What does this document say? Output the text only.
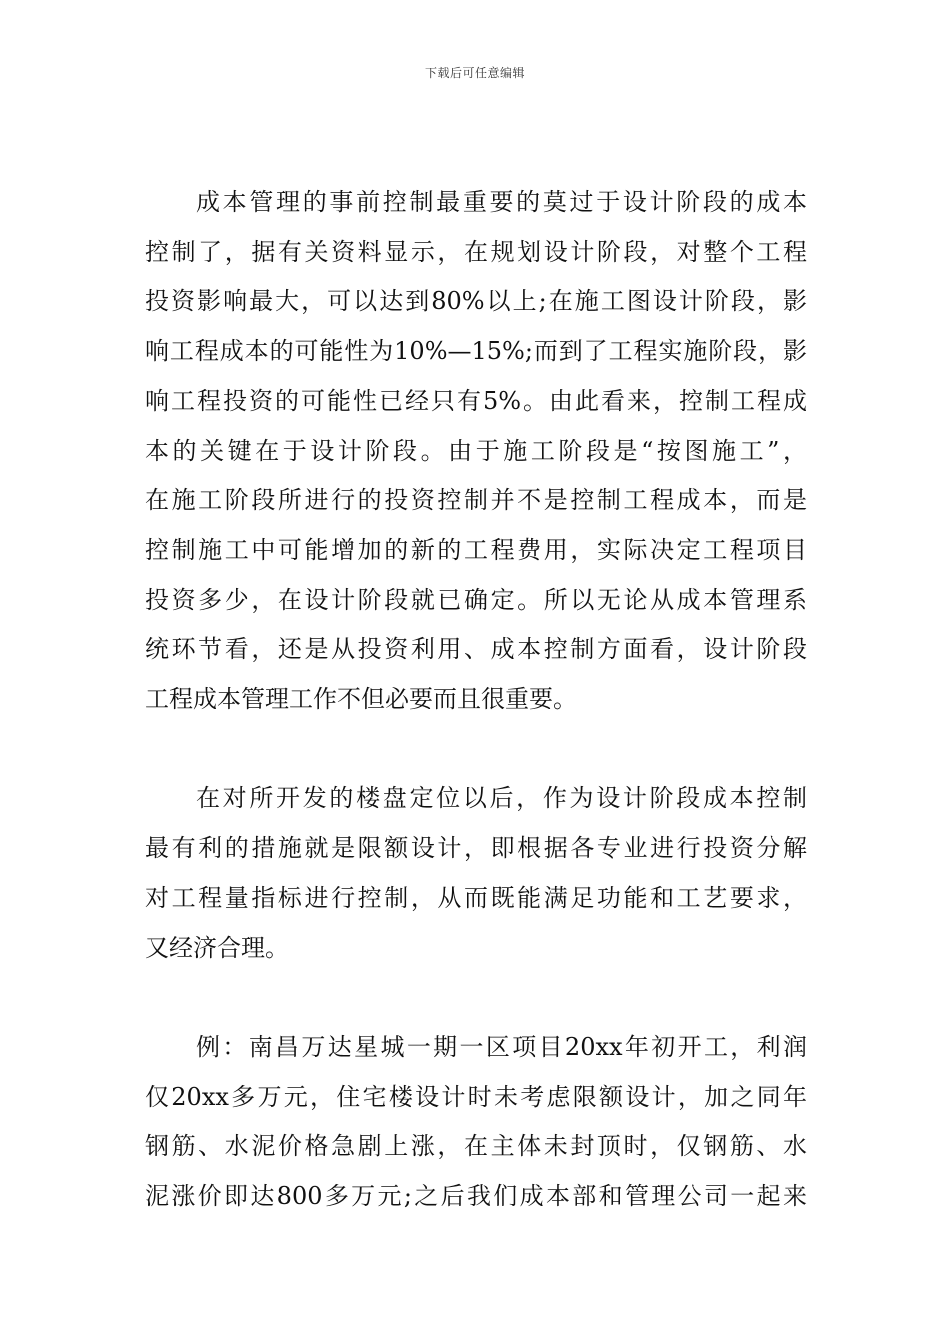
下载后可任意编辑

成本管理的事前控制最重要的莫过于设计阶段的成本
控制了，据有关资料显示，在规划设计阶段，对整个工程
投资影响最大，可以达到80%以上;在施工图设计阶段，影
响工程成本的可能性为10%—15%;而到了工程实施阶段，影
响工程投资的可能性已经只有5%。由此看来，控制工程成
本的关键在于设计阶段。由于施工阶段是“按图施工”，
在施工阶段所进行的投资控制并不是控制工程成本，而是
控制施工中可能增加的新的工程费用，实际决定工程项目
投资多少，在设计阶段就已确定。所以无论从成本管理系
统环节看，还是从投资利用、成本控制方面看，设计阶段
工程成本管理工作不但必要而且很重要。

在对所开发的楼盘定位以后，作为设计阶段成本控制
最有利的措施就是限额设计，即根据各专业进行投资分解
对工程量指标进行控制，从而既能满足功能和工艺要求，
又经济合理。

例：南昌万达星城一期一区项目20xx年初开工，利润
仅20xx多万元，住宅楼设计时未考虑限额设计，加之同年
钢筋、水泥价格急剧上涨，在主体未封顶时，仅钢筋、水
泥涨价即达800多万元;之后我们成本部和管理公司一起来
